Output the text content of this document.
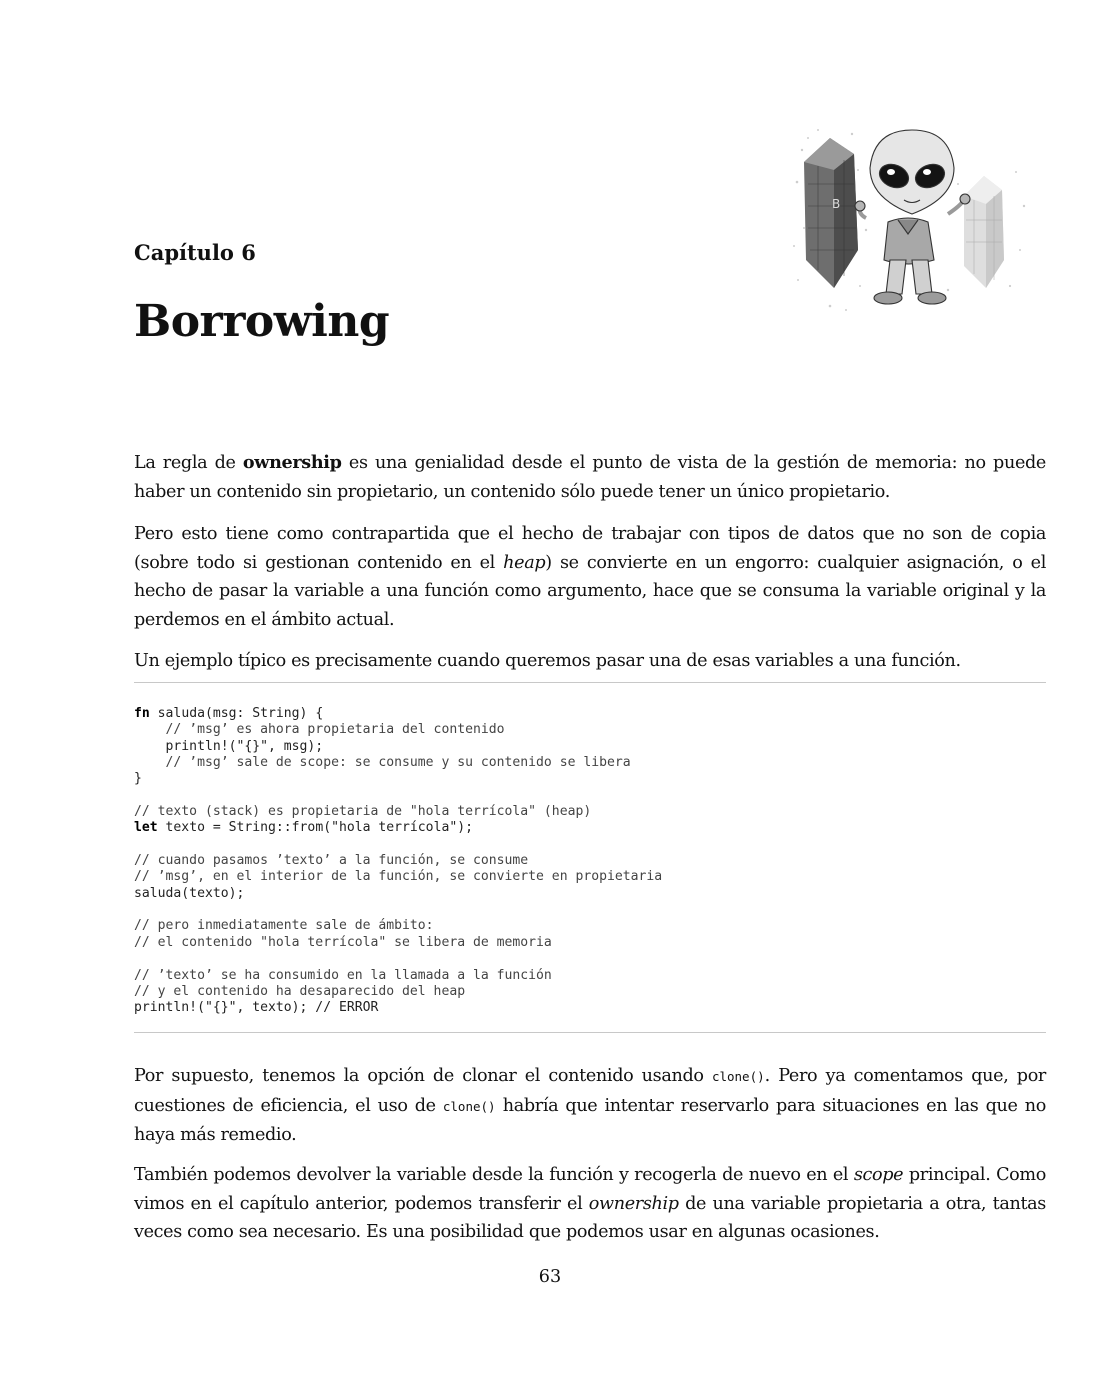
Capítulo 6
Borrowing
B
La regla de ownership es una genialidad desde el punto de vista de la gestión de memoria: no puede haber un contenido sin propietario, un contenido sólo puede tener un único propietario.
Pero esto tiene como contrapartida que el hecho de trabajar con tipos de datos que no son de copia (sobre todo si gestionan contenido en el heap) se convierte en un engorro: cualquier asignación, o el hecho de pasar la variable a una función como argumento, hace que se consuma la variable original y la perdemos en el ámbito actual.
Un ejemplo típico es precisamente cuando queremos pasar una de esas variables a una función.
fn saluda(msg: String) {
// ’msg’ es ahora propietaria del contenido
println!("{}", msg);
// ’msg’ sale de scope: se consume y su contenido se libera
}
// texto (stack) es propietaria de "hola terrícola" (heap)
let texto = String::from("hola terrícola");
// cuando pasamos ’texto’ a la función, se consume
// ’msg’, en el interior de la función, se convierte en propietaria
saluda(texto);
// pero inmediatamente sale de ámbito:
// el contenido "hola terrícola" se libera de memoria
// ’texto’ se ha consumido en la llamada a la función
// y el contenido ha desaparecido del heap
println!("{}", texto); // ERROR
Por supuesto, tenemos la opción de clonar el contenido usando clone(). Pero ya comentamos que, por cuestiones de eficiencia, el uso de clone() habría que intentar reservarlo para situaciones en las que no haya más remedio.
También podemos devolver la variable desde la función y recogerla de nuevo en el scope principal. Como vimos en el capítulo anterior, podemos transferir el ownership de una variable propietaria a otra, tantas veces como sea necesario. Es una posibilidad que podemos usar en algunas ocasiones.
63
